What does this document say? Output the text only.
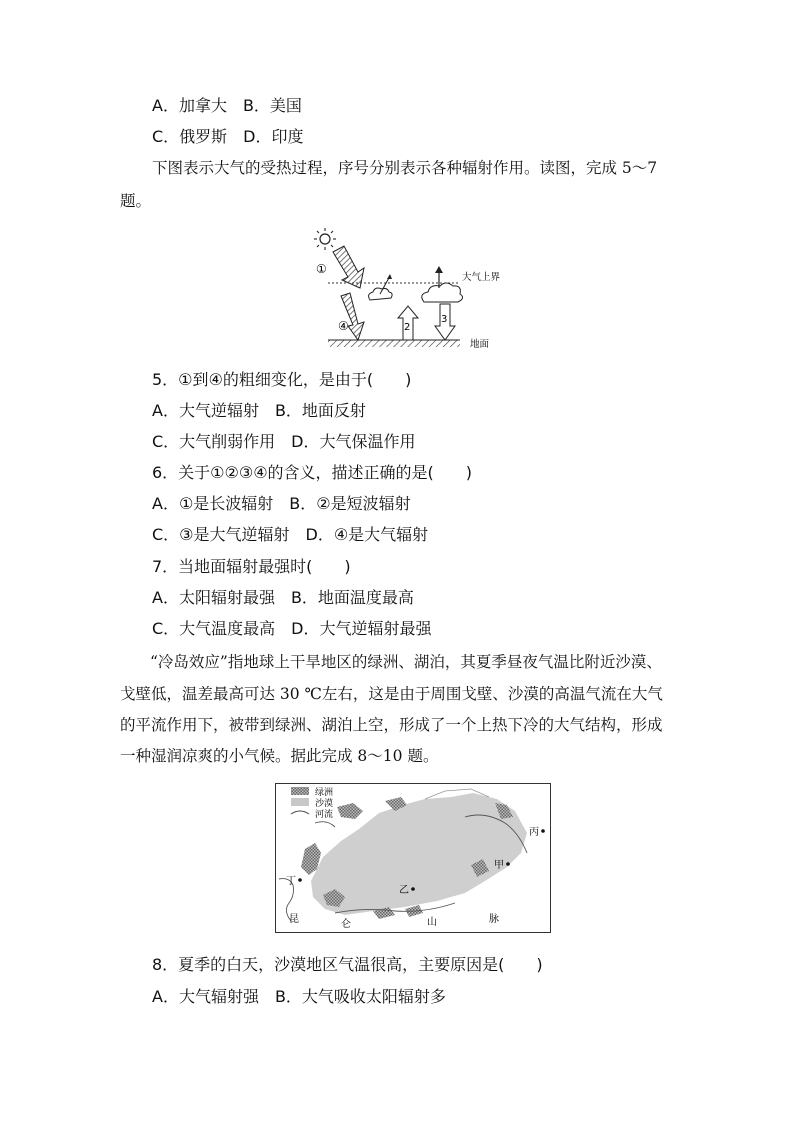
A．加拿大　B．美国
C．俄罗斯　D．印度
下图表示大气的受热过程，序号分别表示各种辐射作用。读图，完成 5～7
题。
①
大气上界
④	2
3
地面
5．①到④的粗细变化，是由于(　　)
A．大气逆辐射　B．地面反射
C．大气削弱作用　D．大气保温作用
6．关于①②③④的含义，描述正确的是(　　)
A．①是长波辐射　B．②是短波辐射
C．③是大气逆辐射　D．④是大气辐射
7．当地面辐射最强时(　　)
A．太阳辐射最强　B．地面温度最高
C．大气温度最高　D．大气逆辐射最强
“冷岛效应”指地球上干旱地区的绿洲、湖泊，其夏季昼夜气温比附近沙漠、
戈壁低，温差最高可达 30 ℃左右，这是由于周围戈壁、沙漠的高温气流在大气
的平流作用下，被带到绿洲、湖泊上空，形成了一个上热下冷的大气结构，形成
一种湿润凉爽的小气候。据此完成 8～10 题。
绿洲
沙漠
河流
丙
甲
丁
乙
昆	仑	山	脉
8．夏季的白天，沙漠地区气温很高，主要原因是(　　)
A．大气辐射强　B．大气吸收太阳辐射多
